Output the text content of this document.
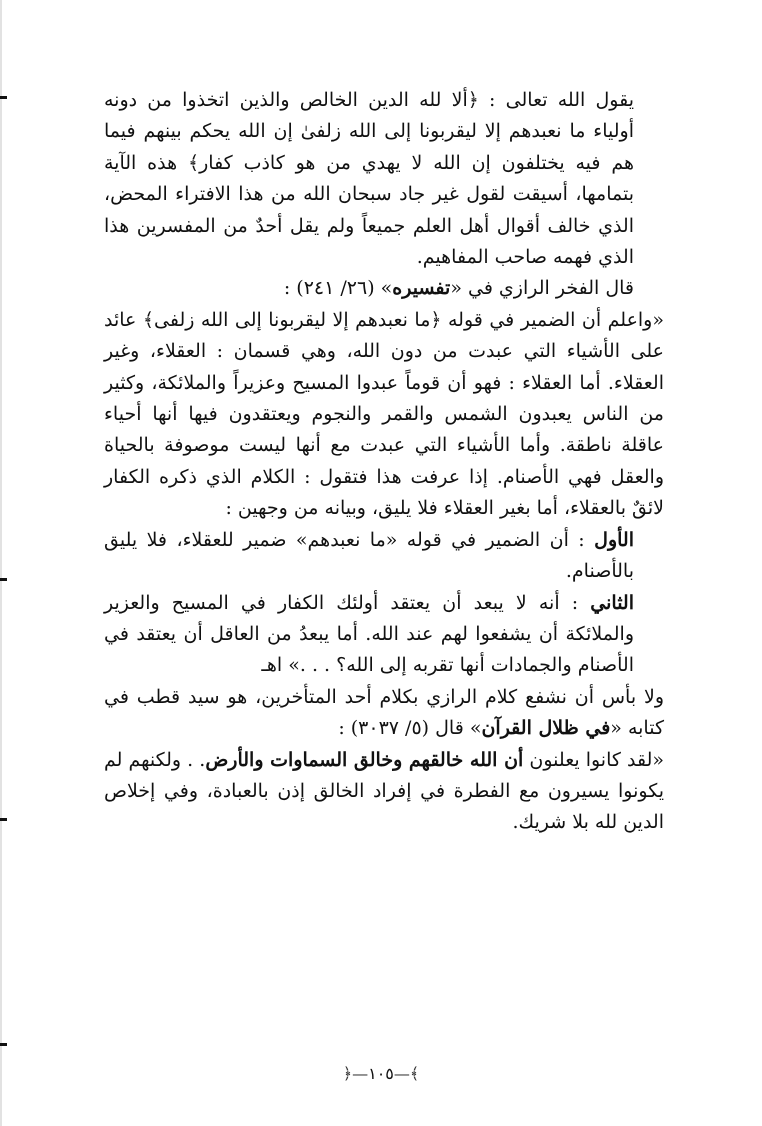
يقول الله تعالى : ﴿ألا لله الدين الخالص والذين اتخذوا من دونه أولياء ما نعبدهم إلا ليقربونا إلى الله زلفىٰ إن الله يحكم بينهم فيما هم فيه يختلفون إن الله لا يهدي من هو كاذب كفار﴾ هذه الآية بتمامها، أسيقت لقول غير جاد سبحان الله من هذا الافتراء المحض، الذي خالف أقوال أهل العلم جميعاً ولم يقل أحدٌ من المفسرين هذا الذي فهمه صاحب المفاهيم.

قال الفخر الرازي في «تفسيره» (٢٦/ ٢٤١) :

«واعلم أن الضمير في قوله ﴿ما نعبدهم إلا ليقربونا إلى الله زلفى﴾ عائد على الأشياء التي عبدت من دون الله، وهي قسمان : العقلاء، وغير العقلاء. أما العقلاء : فهو أن قوماً عبدوا المسيح وعزيراً والملائكة، وكثير من الناس يعبدون الشمس والقمر والنجوم ويعتقدون فيها أنها أحياء عاقلة ناطقة. وأما الأشياء التي عبدت مع أنها ليست موصوفة بالحياة والعقل فهي الأصنام. إذا عرفت هذا فتقول : الكلام الذي ذكره الكفار لائقٌ بالعقلاء، أما بغير العقلاء فلا يليق، وبيانه من وجهين :

الأول : أن الضمير في قوله «ما نعبدهم» ضمير للعقلاء، فلا يليق بالأصنام.

الثاني : أنه لا يبعد أن يعتقد أولئك الكفار في المسيح والعزير والملائكة أن يشفعوا لهم عند الله. أما يبعدُ من العاقل أن يعتقد في الأصنام والجمادات أنها تقربه إلى الله؟ . . .» اهـ

ولا بأس أن نشفع كلام الرازي بكلام أحد المتأخرين، هو سيد قطب في كتابه «في ظلال القرآن» قال (٥/ ٣٠٣٧) :

«لقد كانوا يعلنون أن الله خالقهم وخالق السماوات والأرض. . ولكنهم لم يكونوا يسيرون مع الفطرة في إفراد الخالق إذن بالعبادة، وفي إخلاص الدين لله بلا شريك.

﴾—١٠٥—﴿
